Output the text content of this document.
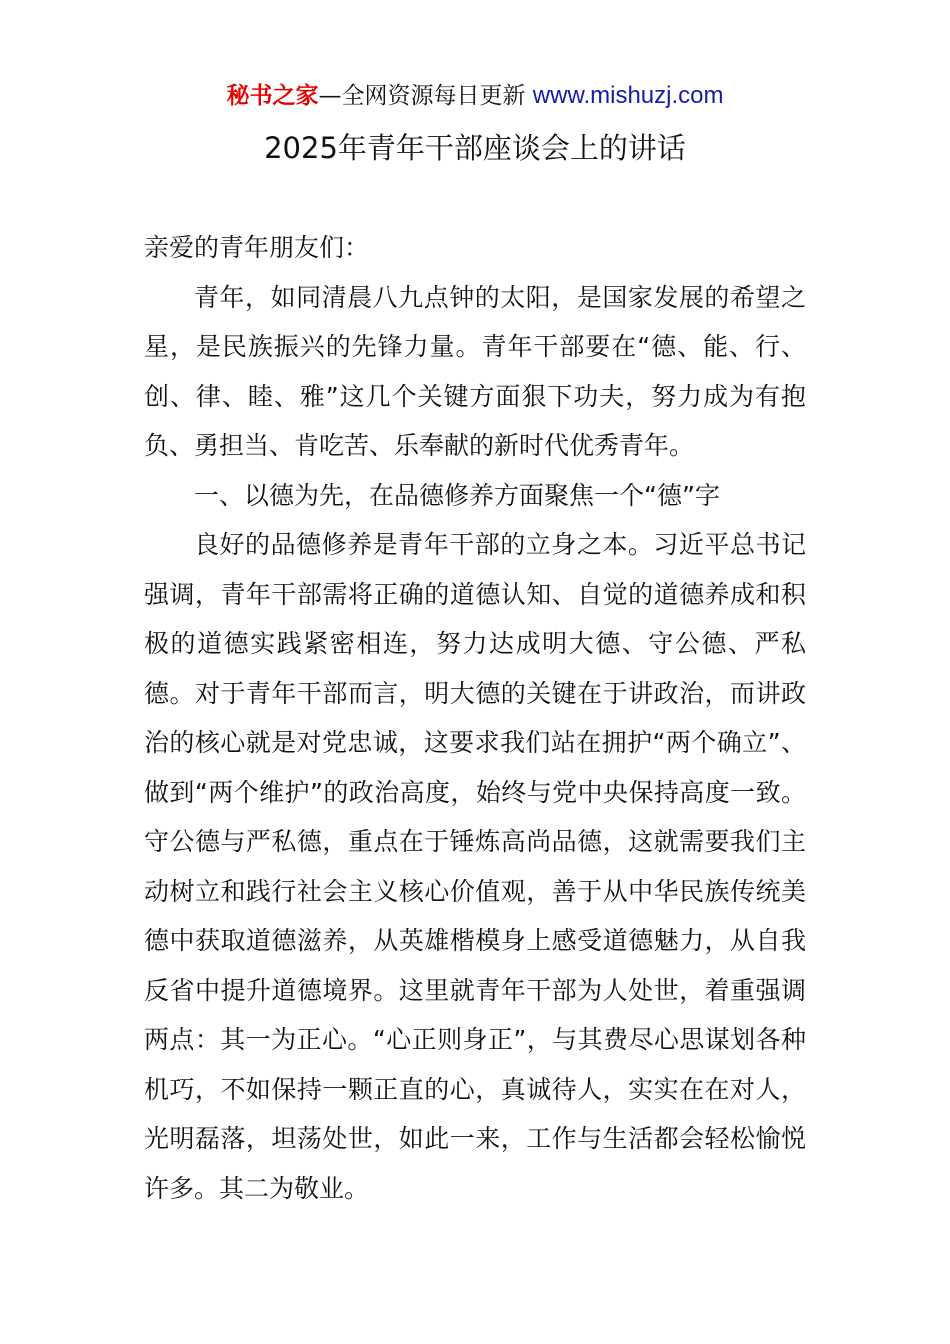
秘书之家—全网资源每日更新 www.mishuzj.com
2025年青年干部座谈会上的讲话

亲爱的青年朋友们：

青年，如同清晨八九点钟的太阳，是国家发展的希望之星，是民族振兴的先锋力量。青年干部要在“德、能、行、创、律、睦、雅”这几个关键方面狠下功夫，努力成为有抱负、勇担当、肯吃苦、乐奉献的新时代优秀青年。

一、以德为先，在品德修养方面聚焦一个“德”字

良好的品德修养是青年干部的立身之本。习近平总书记强调，青年干部需将正确的道德认知、自觉的道德养成和积极的道德实践紧密相连，努力达成明大德、守公德、严私德。对于青年干部而言，明大德的关键在于讲政治，而讲政治的核心就是对党忠诚，这要求我们站在拥护“两个确立”、做到“两个维护”的政治高度，始终与党中央保持高度一致。守公德与严私德，重点在于锤炼高尚品德，这就需要我们主动树立和践行社会主义核心价值观，善于从中华民族传统美德中获取道德滋养，从英雄楷模身上感受道德魅力，从自我反省中提升道德境界。这里就青年干部为人处世，着重强调两点：其一为正心。“心正则身正”，与其费尽心思谋划各种机巧，不如保持一颗正直的心，真诚待人，实实在在对人，光明磊落，坦荡处世，如此一来，工作与生活都会轻松愉悦许多。其二为敬业。
